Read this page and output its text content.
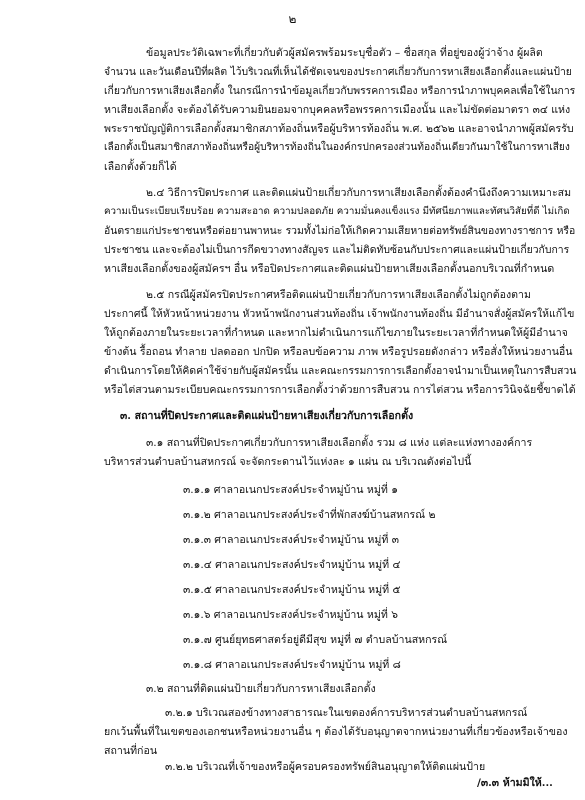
๒
ข้อมูลประวัติเฉพาะที่เกี่ยวกับตัวผู้สมัครพร้อมระบุชื่อตัว – ชื่อสกุล ที่อยู่ของผู้ว่าจ้าง ผู้ผลิต
จำนวน และวันเดือนปีที่ผลิต ไว้บริเวณที่เห็นได้ชัดเจนของประกาศเกี่ยวกับการหาเสียงเลือกตั้งและแผ่นป้าย
เกี่ยวกับการหาเสียงเลือกตั้ง ในกรณีการนำข้อมูลเกี่ยวกับพรรคการเมือง หรือการนำภาพบุคคลเพื่อใช้ในการ
หาเสียงเลือกตั้ง จะต้องได้รับความยินยอมจากบุคคลหรือพรรคการเมืองนั้น และไม่ขัดต่อมาตรา ๓๔ แห่ง
พระราชบัญญัติการเลือกตั้งสมาชิกสภาท้องถิ่นหรือผู้บริหารท้องถิ่น พ.ศ. ๒๕๖๒ และอาจนำภาพผู้สมัครรับ
เลือกตั้งเป็นสมาชิกสภาท้องถิ่นหรือผู้บริหารท้องถิ่นในองค์กรปกครองส่วนท้องถิ่นเดียวกันมาใช้ในการหาเสียง
เลือกตั้งด้วยก็ได้
๒.๔ วิธีการปิดประกาศ และติดแผ่นป้ายเกี่ยวกับการหาเสียงเลือกตั้งต้องคำนึงถึงความเหมาะสม
ความเป็นระเบียบเรียบร้อย ความสะอาด ความปลอดภัย ความมั่นคงแข็งแรง มีทัศนียภาพและทัศนวิสัยที่ดี ไม่เกิด
อันตรายแก่ประชาชนหรือต่อยานพาหนะ รวมทั้งไม่ก่อให้เกิดความเสียหายต่อทรัพย์สินของทางราชการ หรือ
ประชาชน และจะต้องไม่เป็นการกีดขวางทางสัญจร และไม่ติดทับซ้อนกับประกาศและแผ่นป้ายเกี่ยวกับการ
หาเสียงเลือกตั้งของผู้สมัครฯ อื่น หรือปิดประกาศและติดแผ่นป้ายหาเสียงเลือกตั้งนอกบริเวณที่กำหนด
๒.๕ กรณีผู้สมัครปิดประกาศหรือติดแผ่นป้ายเกี่ยวกับการหาเสียงเลือกตั้งไม่ถูกต้องตาม
ประกาศนี้ ให้หัวหน้าหน่วยงาน หัวหน้าพนักงานส่วนท้องถิ่น เจ้าพนักงานท้องถิ่น มีอำนาจสั่งผู้สมัครให้แก้ไข
ให้ถูกต้องภายในระยะเวลาที่กำหนด และหากไม่ดำเนินการแก้ไขภายในระยะเวลาที่กำหนดให้ผู้มีอำนาจ
ข้างต้น รื้อถอน ทำลาย ปลดออก ปกปิด หรือลบข้อความ ภาพ หรือรูปรอยดังกล่าว หรือสั่งให้หน่วยงานอื่น
ดำเนินการโดยให้คิดค่าใช้จ่ายกับผู้สมัครนั้น และคณะกรรมการการเลือกตั้งอาจนำมาเป็นเหตุในการสืบสวน
หรือไต่สวนตามระเบียบคณะกรรมการการเลือกตั้งว่าด้วยการสืบสวน การไต่สวน หรือการวินิจฉัยชี้ขาดได้
๓. สถานที่ปิดประกาศและติดแผ่นป้ายหาเสียงเกี่ยวกับการเลือกตั้ง
๓.๑ สถานที่ปิดประกาศเกี่ยวกับการหาเสียงเลือกตั้ง รวม ๘ แห่ง แต่ละแห่งทางองค์การ
บริหารส่วนตำบลบ้านสหกรณ์ จะจัดกระดานไว้แห่งละ ๑ แผ่น ณ บริเวณดังต่อไปนี้
๓.๑.๑ ศาลาอเนกประสงค์ประจำหมู่บ้าน หมู่ที่ ๑
๓.๑.๒ ศาลาอเนกประสงค์ประจำที่พักสงฆ์บ้านสหกรณ์ ๒
๓.๑.๓ ศาลาอเนกประสงค์ประจำหมู่บ้าน หมู่ที่ ๓
๓.๑.๔ ศาลาอเนกประสงค์ประจำหมู่บ้าน หมู่ที่ ๔
๓.๑.๕ ศาลาอเนกประสงค์ประจำหมู่บ้าน หมู่ที่ ๕
๓.๑.๖ ศาลาอเนกประสงค์ประจำหมู่บ้าน หมู่ที่ ๖
๓.๑.๗ ศูนย์ยุทธศาสตร์อยู่ดีมีสุข หมู่ที่ ๗ ตำบลบ้านสหกรณ์
๓.๑.๘ ศาลาอเนกประสงค์ประจำหมู่บ้าน หมู่ที่ ๘
๓.๒ สถานที่ติดแผ่นป้ายเกี่ยวกับการหาเสียงเลือกตั้ง
๓.๒.๑ บริเวณสองข้างทางสาธารณะในเขตองค์การบริหารส่วนตำบลบ้านสหกรณ์
ยกเว้นพื้นที่ในเขตของเอกชนหรือหน่วยงานอื่น ๆ ต้องได้รับอนุญาตจากหน่วยงานที่เกี่ยวข้องหรือเจ้าของ
สถานที่ก่อน
๓.๒.๒ บริเวณที่เจ้าของหรือผู้ครอบครองทรัพย์สินอนุญาตให้ติดแผ่นป้าย
/๓.๓ ห้ามมิให้...
